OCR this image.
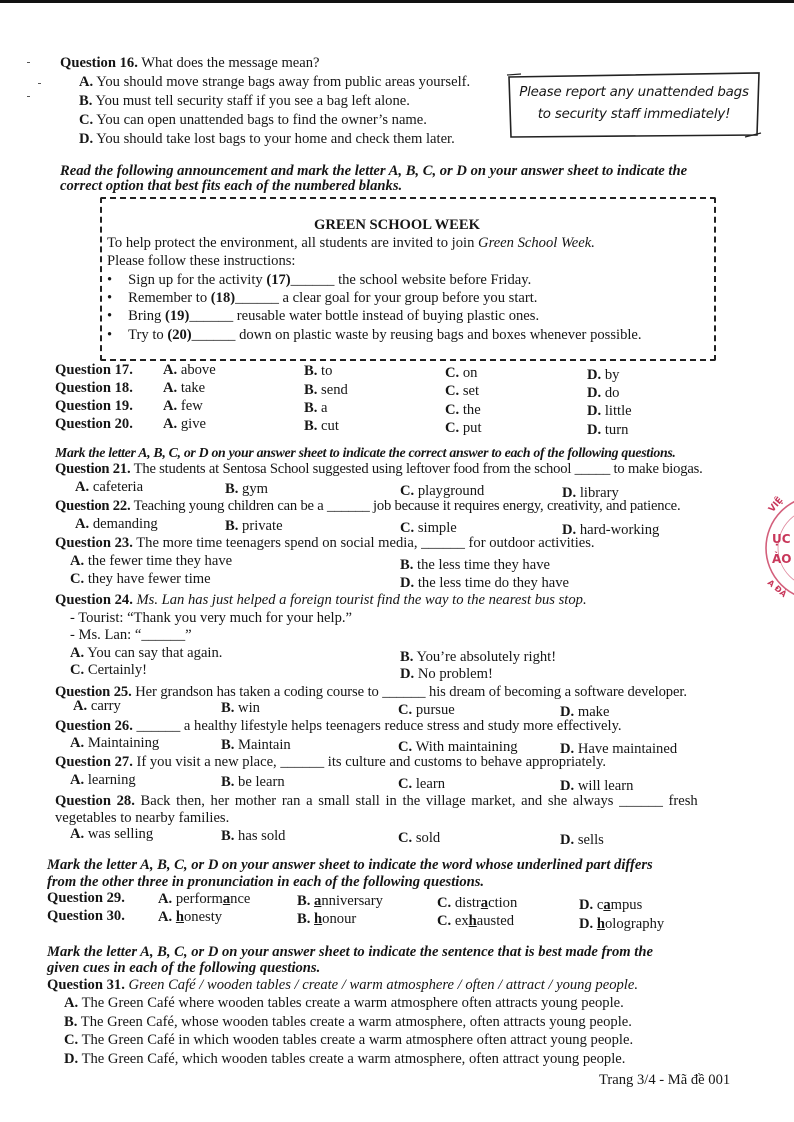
Question 16. What does the message mean?
A. You should move strange bags away from public areas yourself.
B. You must tell security staff if you see a bag left alone.
C. You can open unattended bags to find the owner’s name.
D. You should take lost bags to your home and check them later.
Please report any unattended bags
to security staff immediately!
Read the following announcement and mark the letter A, B, C, or D on your answer sheet to indicate the
correct option that best fits each of the numbered blanks.
GREEN SCHOOL WEEK
To help protect the environment, all students are invited to join Green School Week.
Please follow these instructions:
• Sign up for the activity (17)______ the school website before Friday.
• Remember to (18)______ a clear goal for your group before you start.
• Bring (19)______ reusable water bottle instead of buying plastic ones.
• Try to (20)______ down on plastic waste by reusing bags and boxes whenever possible.
Question 17. A. above	B. to	C. on	D. by
Question 18. A. take	B. send	C. set	D. do
Question 19. A. few	B. a	C. the	D. little
Question 20. A. give	B. cut	C. put	D. turn
Mark the letter A, B, C, or D on your answer sheet to indicate the correct answer to each of the following questions.
Question 21. The students at Sentosa School suggested using leftover food from the school _____ to make biogas.
A. cafeteria	B. gym	C. playground	D. library
Question 22. Teaching young children can be a ______ job because it requires energy, creativity, and patience.
A. demanding	B. private	C. simple	D. hard-working
Question 23. The more time teenagers spend on social media, ______ for outdoor activities.
A. the fewer time they have	B. the less time they have
C. they have fewer time	D. the less time do they have
Question 24. Ms. Lan has just helped a foreign tourist find the way to the nearest bus stop.
- Tourist: “Thank you very much for your help.”
- Ms. Lan: “______”
A. You can say that again.	B. You’re absolutely right!
C. Certainly!	D. No problem!
Question 25. Her grandson has taken a coding course to ______ his dream of becoming a software developer.
A. carry	B. win	C. pursue	D. make
Question 26. ______ a healthy lifestyle helps teenagers reduce stress and study more effectively.
A. Maintaining	B. Maintain	C. With maintaining	D. Have maintained
Question 27. If you visit a new place, ______ its culture and customs to behave appropriately.
A. learning	B. be learn	C. learn	D. will learn
Question 28. Back then, her mother ran a small stall in the village market, and she always ______ fresh
vegetables to nearby families.
A. was selling	B. has sold	C. sold	D. sells
Mark the letter A, B, C, or D on your answer sheet to indicate the word whose underlined part differs
from the other three in pronunciation in each of the following questions.
Question 29. A. performance	B. anniversary	C. distraction	D. campus
Question 30. A. honesty	B. honour	C. exhausted	D. holography
Mark the letter A, B, C, or D on your answer sheet to indicate the sentence that is best made from the
given cues in each of the following questions.
Question 31. Green Café / wooden tables / create / warm atmosphere / often / attract / young people.
A. The Green Café where wooden tables create a warm atmosphere often attracts young people.
B. The Green Café, whose wooden tables create a warm atmosphere, often attracts young people.
C. The Green Café in which wooden tables create a warm atmosphere often attract young people.
D. The Green Café, which wooden tables create a warm atmosphere, often attract young people.
Trang 3/4 - Mã đề 001
VIỆ
ỤC
ÀO
A ĐÀ
